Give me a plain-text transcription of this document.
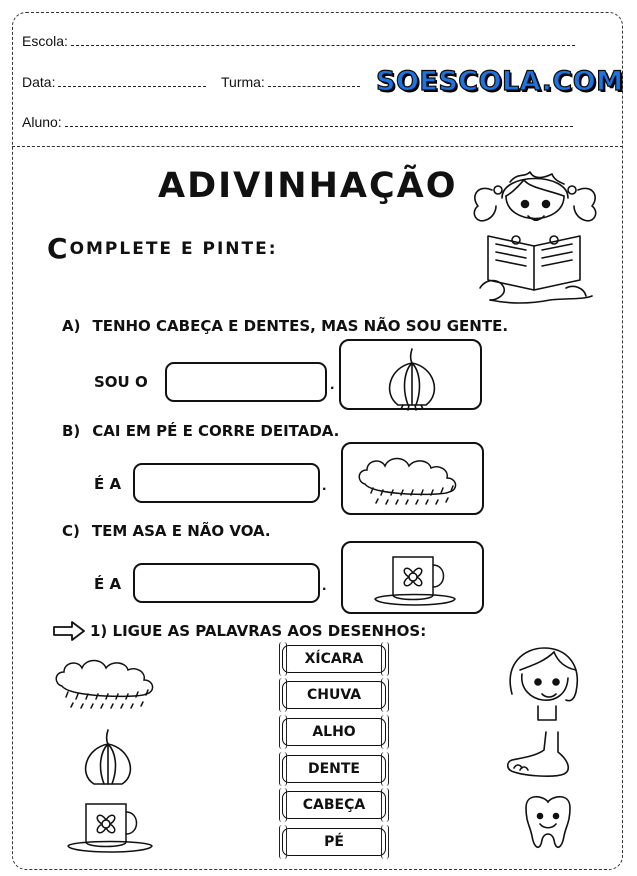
Escola:
Data:	Turma:
Aluno:
SOESCOLA.COM
ADIVINHAÇÃO
COMPLETE E PINTE:
A) TENHO CABEÇA E DENTES, MAS NÃO SOU GENTE.
SOU O	.
B) CAI EM PÉ E CORRE DEITADA.
É A	.
C) TEM ASA E NÃO VOA.
É A	.
1) LIGUE AS PALAVRAS AOS DESENHOS:
XÍCARA
CHUVA
ALHO
DENTE
CABEÇA
PÉ
